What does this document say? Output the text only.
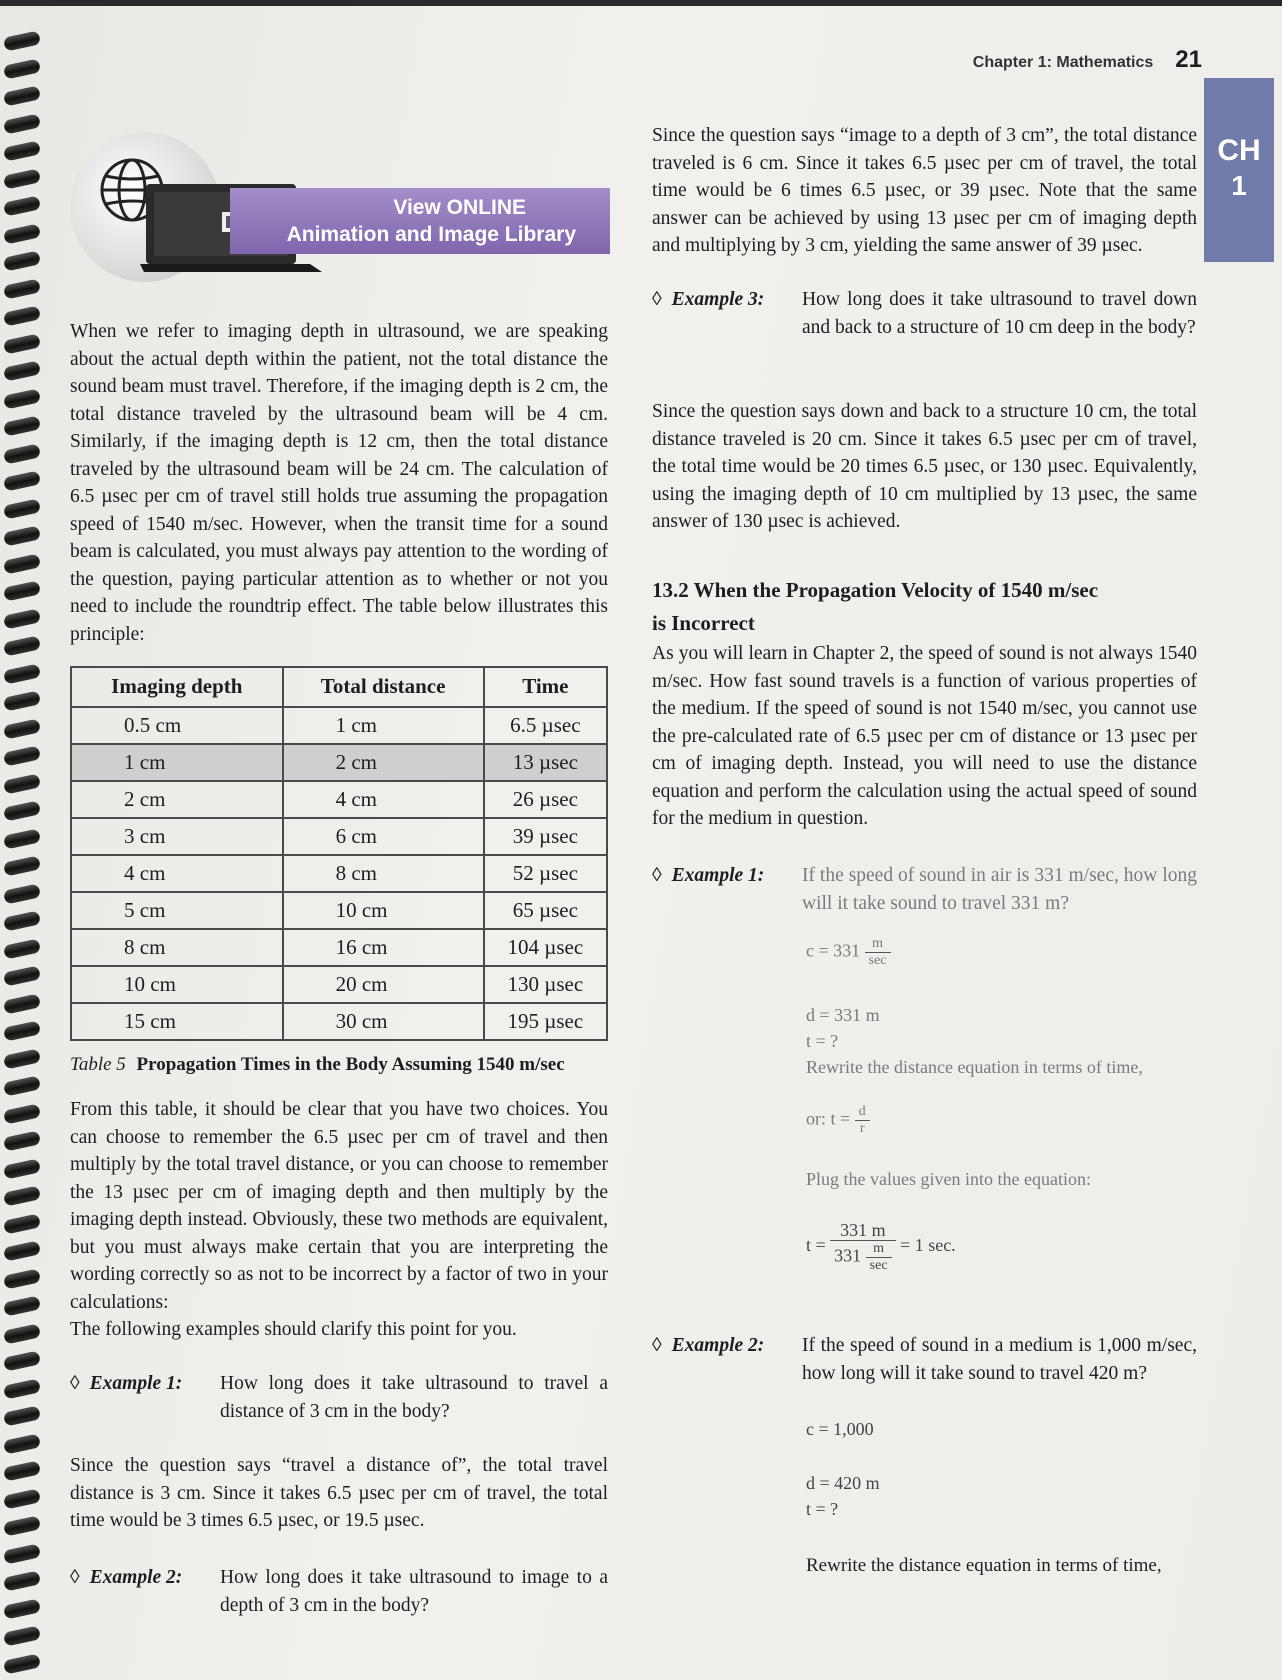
Chapter 1: Mathematics 21
CH
1
View ONLINE
Animation and Image Library

When we refer to imaging depth in ultrasound, we are speaking about the actual depth within the patient, not the total distance the sound beam must travel. Therefore, if the imaging depth is 2 cm, the total distance traveled by the ultrasound beam will be 4 cm. Similarly, if the imaging depth is 12 cm, then the total distance traveled by the ultrasound beam will be 24 cm. The calculation of 6.5 µsec per cm of travel still holds true assuming the propagation speed of 1540 m/sec. However, when the transit time for a sound beam is calculated, you must always pay attention to the wording of the question, paying particular attention as to whether or not you need to include the roundtrip effect. The table below illustrates this principle:

Imaging depth	Total distance	Time
0.5 cm	1 cm	6.5 µsec
1 cm	2 cm	13 µsec
2 cm	4 cm	26 µsec
3 cm	6 cm	39 µsec
4 cm	8 cm	52 µsec
5 cm	10 cm	65 µsec
8 cm	16 cm	104 µsec
10 cm	20 cm	130 µsec
15 cm	30 cm	195 µsec
Table 5 Propagation Times in the Body Assuming 1540 m/sec

From this table, it should be clear that you have two choices. You can choose to remember the 6.5 µsec per cm of travel and then multiply by the total travel distance, or you can choose to remember the 13 µsec per cm of imaging depth and then multiply by the imaging depth instead. Obviously, these two methods are equivalent, but you must always make certain that you are interpreting the wording correctly so as not to be incorrect by a factor of two in your calculations:

The following examples should clarify this point for you.

◊ Example 1: How long does it take ultrasound to travel a distance of 3 cm in the body?

Since the question says “travel a distance of”, the total travel distance is 3 cm. Since it takes 6.5 µsec per cm of travel, the total time would be 3 times 6.5 µsec, or 19.5 µsec.

◊ Example 2: How long does it take ultrasound to image to a depth of 3 cm in the body?

Since the question says “image to a depth of 3 cm”, the total distance traveled is 6 cm. Since it takes 6.5 µsec per cm of travel, the total time would be 6 times 6.5 µsec, or 39 µsec. Note that the same answer can be achieved by using 13 µsec per cm of imaging depth and multiplying by 3 cm, yielding the same answer of 39 µsec.

◊ Example 3: How long does it take ultrasound to travel down and back to a structure of 10 cm deep in the body?

Since the question says down and back to a structure 10 cm, the total distance traveled is 20 cm. Since it takes 6.5 µsec per cm of travel, the total time would be 20 times 6.5 µsec, or 130 µsec. Equivalently, using the imaging depth of 10 cm multiplied by 13 µsec, the same answer of 130 µsec is achieved.

13.2 When the Propagation Velocity of 1540 m/sec
is Incorrect

As you will learn in Chapter 2, the speed of sound is not always 1540 m/sec. How fast sound travels is a function of various properties of the medium. If the speed of sound is not 1540 m/sec, you cannot use the pre-calculated rate of 6.5 µsec per cm of distance or 13 µsec per cm of imaging depth. Instead, you will need to use the distance equation and perform the calculation using the actual speed of sound for the medium in question.

◊ Example 1: If the speed of sound in air is 331 m/sec, how long will it take sound to travel 331 m?
$c = 331 \frac{m}{\sec}$
d = 331 m
t = ?
Rewrite the distance equation in terms of time,
or: $t = \frac{d}{r}$
Plug the values given into the equation:
$t = \frac{331 m}{331 \frac{m}{\sec}} = 1$ sec.
◊ Example 2: If the speed of sound in a medium is 1,000 m/sec, how long will it take sound to travel 420 m?
c = 1,000
d = 420 m
t = ?
Rewrite the distance equation in terms of time,
